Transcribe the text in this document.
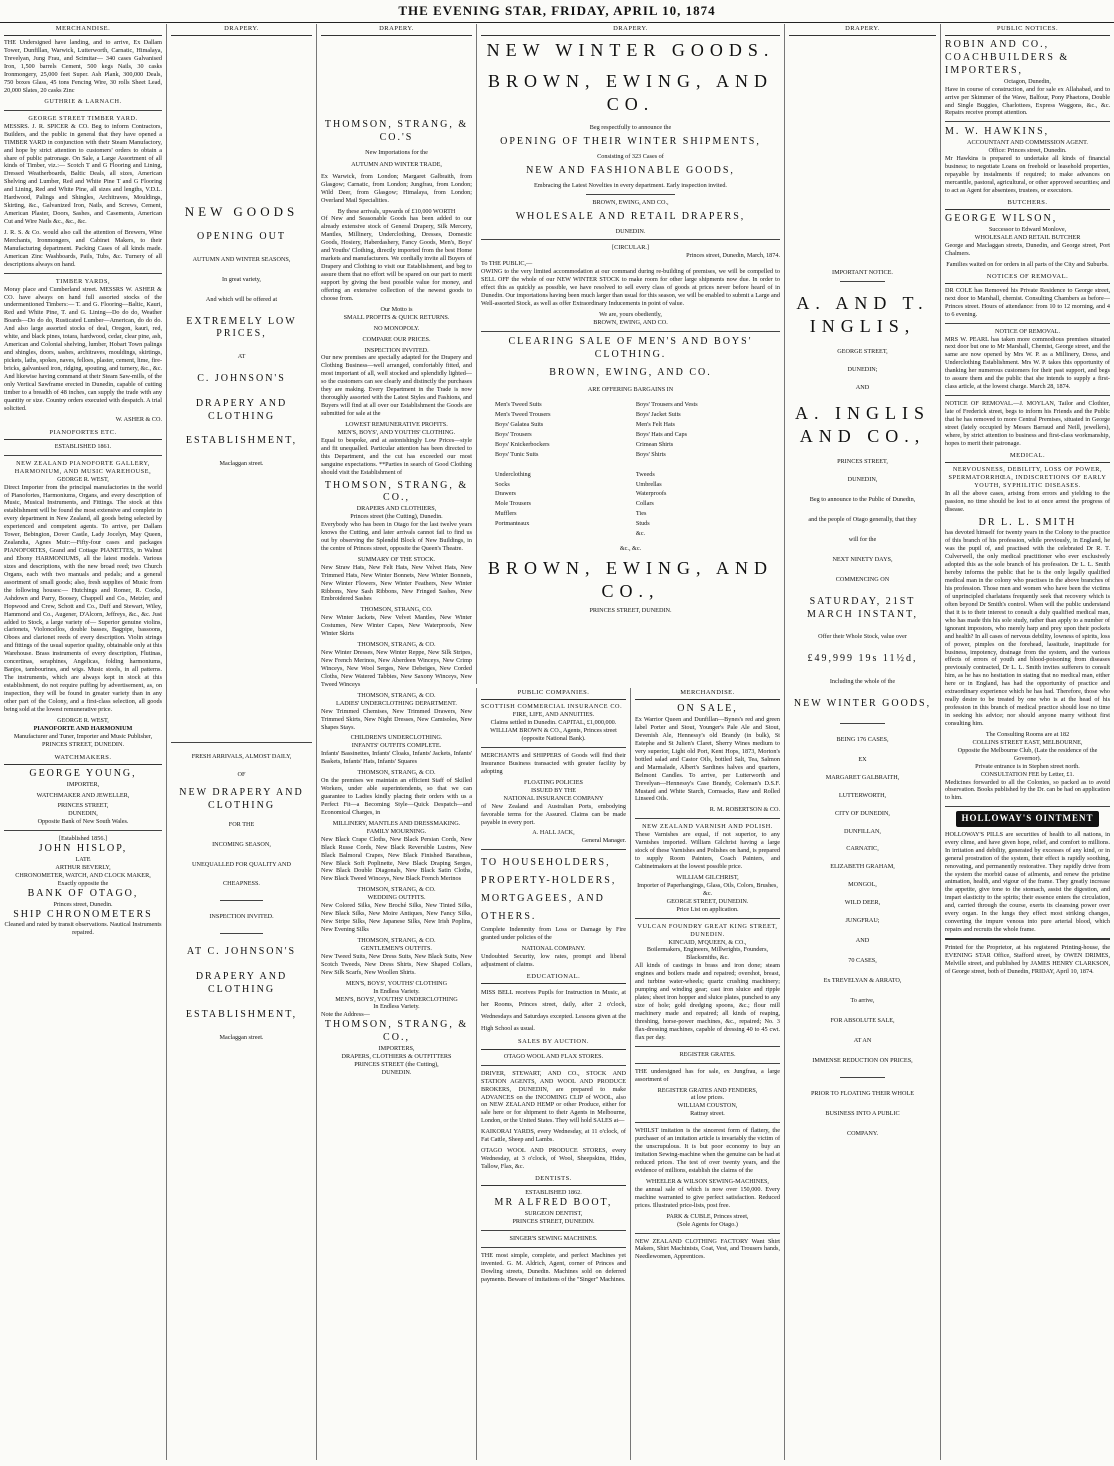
THE EVENING STAR, FRIDAY, APRIL 10, 1874
MERCHANDISE.

THE Undersigned have landing, and to arrive, Ex Dallam Tower, Dunfillan, Warwick, Lutterworth, Carnatic, Himalaya, Trevelyan, Jung Frau, and Scimitar— 340 cases Galvanised Iron, 1,500 barrels Cement, 500 kegs Nails, 30 casks Ironmongery, 25,000 feet Super. Ash Plank, 300,000 Deals, 750 boxes Glass, 45 tons Fencing Wire, 30 rolls Sheet Lead, 20,000 Slates, 20 casks Zinc

GUTHRIE & LARNACH.
GEORGE STREET TIMBER YARD.

MESSRS. J. R. SPICER & CO. Beg to inform Contractors, Builders, and the public in general that they have opened a TIMBER YARD in conjunction with their Steam Manufactory, and hope by strict attention to customers' orders to obtain a share of public patronage. On Sale, a Large Assortment of all kinds of Timber, viz.:— Scotch T and G Flooring and Lining, Dressed Weatherboards, Baltic Deals, all sizes, American Shelving and Lumber, Red and White Pine T and G Flooring and Lining, Red and White Pine, all sizes and lengths, V.D.L. Hardwood, Palings and Shingles, Architraves, Mouldings, Skirting, &c., Galvanized Iron, Nails, and Screws, Cement, American Plaster, Doors, Sashes, and Casements, American Cut and Wire Nails &c., &c., &c.

J. R. S. & Co. would also call the attention of Brewers, Wine Merchants, Ironmongers, and Cabinet Makers, to their Manufacturing department. Packing Cases of all kinds made. American Zinc Washboards, Pails, Tubs, &c. Turnery of all descriptions always on hand.

TIMBER YARDS,

Moray place and Cumberland street. MESSRS W. ASHER & CO. have always on hand full assorted stocks of the undermentioned Timbers:— T. and G. Flooring—Baltic, Kauri, Red and White Pine, T. and G. Lining—Do do do, Weather Boards—Do do do, Rusticated Lumber—American, do do do. And also large assorted stocks of deal, Oregon, kauri, red, white, and black pines, totara, hardwood, cedar, clear pine, ash, American and Colonial shelving, lumber, Hobart Town palings and shingles, doors, sashes, architraves, mouldings, skirtings, pickets, laths, spokes, naves, felloes, plaster, cement, lime, fire-bricks, galvanised iron, ridging, spouting, and turnery, &c., &c. And likewise having command at their Steam Saw-mills, of the only Vertical Sawframe erected in Dunedin, capable of cutting timber to a breadth of 48 inches, can supply the trade with any quantity or size. Country orders executed with despatch. A trial solicited.

W. ASHER & CO.
PIANOFORTES ETC.
ESTABLISHED 1861.
NEW ZEALAND PIANOFORTE GALLERY, HARMONIUM, AND MUSIC WAREHOUSE,
GEORGE R. WEST,

Direct Importer from the principal manufactories in the world of Pianofortes, Harmoniums, Organs, and every description of Music, Musical Instruments, and Fittings. The stock at this establishment will be found the most extensive and complete in every department in New Zealand, all goods being selected by experienced and competent agents. To arrive, per Dallam Tower, Bebington, Dover Castle, Lady Jocelyn, May Queen, Zealandia, Agnes Muir:—Fifty-four cases and packages PIANOFORTES, Grand and Cottage PIANETTES, in Walnut and Ebony HARMONIUMS, all the latest models. Various sizes and descriptions, with the new broad reed; two Church Organs, each with two manuals and pedals; and a general assortment of small goods; also, fresh supplies of Music from the following houses:— Hutchings and Romer, R. Cocks, Ashdown and Parry, Boosey, Chappell and Co., Metzler, and Hopwood and Crew, Schott and Co., Duff and Stewart, Wiley, Hammond and Co., Augener, D'Alcorn, Jeffreys, &c., &c. Just added to Stock, a large variety of— Superior genuine violins, clarionets, Violoncellos, double basses, Bagpipe, bassoons, Oboes and clarionet reeds of every description. Violin strings and fittings of the usual superior quality, obtainable only at this Warehouse. Brass instruments of every description, Flutinas, concertinas, seraphines, Angelicas, folding harmoniums, Banjos, tambourines, and wigs. Music stools, in all patterns. The instruments, which are always kept in stock at this establishment, do not require puffing by advertisement, as, on inspection, they will be found in greater variety than in any other part of the Colony, and a first-class selection, all goods being sold at the lowest remunerative price.

GEORGE R. WEST,
PIANOFORTE AND HARMONIUM
Manufacturer and Tuner, Importer and Music Publisher, PRINCES STREET, DUNEDIN.
WATCHMAKERS.
GEORGE YOUNG,
IMPORTER,
WATCHMAKER AND JEWELLER,
PRINCES STREET,
DUNEDIN,
Opposite Bank of New South Wales.
[Established 1856.]
JOHN HISLOP,
LATE
ARTHUR BEVERLY,
CHRONOMETER, WATCH, AND CLOCK MAKER,
Exactly opposite the
BANK OF OTAGO,
Princes street, Dunedin.
SHIP CHRONOMETERS
Cleaned and rated by transit observations. Nautical Instruments repaired.
DRAPERY.
NEW GOODS
OPENING OUT
AUTUMN AND WINTER SEASONS,
In great variety,
And which will be offered at
EXTREMELY LOW PRICES,
AT
C. JOHNSON'S
DRAPERY AND CLOTHING
ESTABLISHMENT,
Maclaggan street.
FRESH ARRIVALS, ALMOST DAILY,
OF
NEW DRAPERY AND CLOTHING
FOR THE
INCOMING SEASON,
UNEQUALLED FOR QUALITY AND
CHEAPNESS.
INSPECTION INVITED.
AT C. JOHNSON'S
DRAPERY AND CLOTHING
ESTABLISHMENT,
Maclaggan street.
DRAPERY.
THOMSON, STRANG, & CO.'S
New Importations for the
AUTUMN AND WINTER TRADE,

Ex Warwick, from London; Margaret Galbraith, from Glasgow; Carnatic, from London; Jungfrau, from London; Wild Deer, from Glasgow; Himalaya, from London; Overland Mail Specialities.

By these arrivals, upwards of £10,000 WORTH

Of New and Seasonable Goods has been added to our already extensive stock of General Drapery, Silk Mercery, Mantles, Millinery, Underclothing, Dresses, Domestic Goods, Hosiery, Haberdashery, Fancy Goods, Men's, Boys' and Youths' Clothing, directly imported from the best Home markets and manufacturers. We cordially invite all Buyers of Drapery and Clothing to visit our Establishment, and beg to assure them that no effort will be spared on our part to merit support by giving the best possible value for money, and offering an extensive collection of the newest goods to choose from.

Our Motto is
SMALL PROFITS & QUICK RETURNS.
NO MONOPOLY.
COMPARE OUR PRICES.
INSPECTION INVITED.

Our new premises are specially adapted for the Drapery and Clothing Business—well arranged, comfortably fitted, and most important of all, well stocked and splendidly lighted—so the customers can see clearly and distinctly the purchases they are making. Every Department in the Trade is now thoroughly assorted with the Latest Styles and Fashions, and Buyers will find at all over our Establishment the Goods are submitted for sale at the

LOWEST REMUNERATIVE PROFITS.
MEN'S, BOYS', AND YOUTHS' CLOTHING.

Equal to bespoke, and at astonishingly Low Prices—style and fit unequalled. Particular attention has been directed to this Department, and the cut has exceeded our most sanguine expectations. **Parties in search of Good Clothing should visit the Establishment of

THOMSON, STRANG, & CO.,
DRAPERS AND CLOTHIERS,
Princes street (the Cutting), Dunedin.

Everybody who has been in Otago for the last twelve years knows the Cutting, and later arrivals cannot fail to find us out by observing the Splendid Block of New Buildings, in the centre of Princes street, opposite the Queen's Theatre.

SUMMARY OF THE STOCK.

New Straw Hats, New Felt Hats, New Velvet Hats, New Trimmed Hats, New Winter Bonnets, New Winter Bonnets, New Winter Flowers, New Winter Feathers, New Winter Ribbons, New Sash Ribbons, New Fringed Sashes, New Embroidered Sashes

THOMSON, STRANG, CO.

New Winter Jackets, New Velvet Mantles, New Winter Costumes, New Winter Capes, New Waterproofs, New Winter Skirts

THOMSON, STRANG, & CO.

New Winter Dresses, New Winter Reppe, New Silk Stripes, New French Merinos, New Aberdeen Winceys, New Crimp Winceys, New Wool Serges, New Debeiges, New Corded Cloths, New Watered Tabbies, New Saxony Winceys, New Tweed Winceys

THOMSON, STRANG, & CO.
LADIES' UNDERCLOTHING DEPARTMENT.

New Trimmed Chemises, New Trimmed Drawers, New Trimmed Skirts, New Night Dresses, New Camisoles, New Shapes Stays.

CHILDREN'S UNDERCLOTHING.
INFANTS' OUTFITS COMPLETE.

Infants' Bassinettes, Infants' Cloaks, Infants' Jackets, Infants' Baskets, Infants' Hats, Infants' Squares

THOMSON, STRANG, & CO.

On the premises we maintain an efficient Staff of Skilled Workers, under able superintendents, so that we can guarantee to Ladies kindly placing their orders with us a Perfect Fit—a Becoming Style—Quick Despatch—and Economical Charges, in

MILLINERY, MANTLES AND DRESSMAKING.
FAMILY MOURNING.

New Black Crape Cloths, New Black Persian Cords, New Black Russe Cords, New Black Reversible Lustres, New Black Balmoral Crapes, New Black Finished Baratheas, New Black Soft Poplinette, New Black Draping Serges, New Black Double Diagonals, New Black Satin Cloths, New Black Tweed Winceys, New Black French Merinos

THOMSON, STRANG, & CO.
WEDDING OUTFITS.

New Colored Silks, New Broché Silks, New Tinted Silks, New Black Silks, New Moire Antiques, New Fancy Silks, New Stripe Silks, New Japanese Silks, New Irish Poplins, New Evening Silks

THOMSON, STRANG, & CO.
GENTLEMEN'S OUTFITS.

New Tweed Suits, New Dress Suits, New Black Suits, New Scotch Tweeds, New Dress Shirts, New Shaped Collars, New Silk Scarfs, New Woollen Shirts.

MEN'S, BOYS', YOUTHS' CLOTHING
In Endless Variety.
MEN'S, BOYS', YOUTHS' UNDERCLOTHING
In Endless Variety.
Note the Address—
THOMSON, STRANG, & CO.,
IMPORTERS,
DRAPERS, CLOTHIERS & OUTFITTERS
PRINCES STREET (the Cutting),
DUNEDIN.
DRAPERY.
NEW WINTER GOODS.
BROWN, EWING, AND CO.
Beg respectfully to announce the
OPENING OF THEIR WINTER SHIPMENTS,
Consisting of 323 Cases of
NEW AND FASHIONABLE GOODS,
Embracing the Latest Novelties in every department. Early inspection invited.
BROWN, EWING, AND CO.,
WHOLESALE AND RETAIL DRAPERS,
DUNEDIN.
[CIRCULAR.]
Princes street, Dunedin, March, 1874.
To THE PUBLIC,—

OWING to the very limited accommodation at our command during re-building of premises, we will be compelled to SELL OFF the whole of our NEW WINTER STOCK to make room for other large shipments now due. In order to effect this as quickly as possible, we have resolved to sell every class of goods at prices never before heard of in Dunedin. Our importations having been much larger than usual for this season, we will be enabled to submit a Large and Well-assorted Stock, as well as offer Extraordinary Inducements in point of value.

We are, yours obediently,
BROWN, EWING, AND CO.
CLEARING SALE OF MEN'S AND BOYS' CLOTHING.
BROWN, EWING, AND CO.
ARE OFFERING BARGAINS IN
Men's Tweed Suits
Men's Tweed Trousers
Boys' Galatea Suits
Boys' Trousers
Boys' Knickerbockers
Boys' Tunic Suits

Underclothing
Socks
Drawers
Mole Trousers
Mufflers
Portmanteaux
Boys' Trousers and Vests
Boys' Jacket Suits
Men's Felt Hats
Boys' Hats and Caps
Crimean Shirts
Boys' Shirts

Tweeds
Umbrellas
Waterproofs
Collars
Ties
Studs
&c.
&c., &c.
BROWN, EWING, AND CO.,
PRINCES STREET, DUNEDIN.
PUBLIC COMPANIES.
SCOTTISH COMMERCIAL INSURANCE CO.
FIRE, LIFE, AND ANNUITIES.
Claims settled in Dunedin. CAPITAL, £1,000,000.
WILLIAM BROWN & CO., Agents, Princes street (opposite National Bank).

MERCHANTS and SHIPPERS of Goods will find their Insurance Business transacted with greater facility by adopting

FLOATING POLICIES
ISSUED BY THE
NATIONAL INSURANCE COMPANY

of New Zealand and Australian Ports, embodying favorable terms for the Assured. Claims can be made payable in every port.

A. HALL JACK,
General Manager.
TO HOUSEHOLDERS, PROPERTY-HOLDERS, MORTGAGEES, AND OTHERS.

Complete Indemnity from Loss or Damage by Fire granted under policies of the

NATIONAL COMPANY.

Undoubted Security, low rates, prompt and liberal adjustment of claims.

EDUCATIONAL.

MISS BELL receives Pupils for Instruction in Music, at her Rooms, Princes street, daily, after 2 o'clock, Wednesdays and Saturdays excepted. Lessons given at the High School as usual.

SALES BY AUCTION.
OTAGO WOOL AND FLAX STORES.

DRIVER, STEWART, AND CO., STOCK AND STATION AGENTS, AND WOOL AND PRODUCE BROKERS, DUNEDIN, are prepared to make ADVANCES on the INCOMING CLIP of WOOL, also on NEW ZEALAND HEMP or other Produce, either for sale here or for shipment to their Agents in Melbourne, London, or the United States. They will hold SALES at—

KAIKORAI YARDS, every Wednesday, at 11 o'clock, of Fat Cattle, Sheep and Lambs.

OTAGO WOOL AND PRODUCE STORES, every Wednesday, at 3 o'clock, of Wool, Sheepskins, Hides, Tallow, Flax, &c.

DENTISTS.
ESTABLISHED 1862.
MR ALFRED BOOT,
SURGEON DENTIST,
PRINCES STREET, DUNEDIN.
SINGER'S SEWING MACHINES.

THE most simple, complete, and perfect Machines yet invented. G. M. Aldrich, Agent, corner of Princes and Dowling streets, Dunedin. Machines sold on deferred payments. Beware of imitations of the "Singer" Machines.

MERCHANDISE.
ON SALE,

Ex Warrior Queen and Dunfillan—Bynes's red and green label Porter and Stout, Younger's Pale Ale and Stout, Devenish Ale, Hennessy's old Brandy (in bulk), St Estephe and St Julien's Claret, Sherry Wines medium to very superior, Light old Port, Kent Hops, 1873, Morton's bottled salad and Castor Oils, bottled Salt, Tea, Salmon and Marmalade, Albert's Sardines halves and quarters, Belmont Candles. To arrive, per Lutterworth and Trevelyan—Hennessy's Case Brandy, Coleman's D.S.F. Mustard and White Starch, Cornsacks, Raw and Rolled Linseed Oils.

R. M. ROBERTSON & CO.
NEW ZEALAND VARNISH AND POLISH.

These Varnishes are equal, if not superior, to any Varnishes imported. William Gilchrist having a large stock of these Varnishes and Polishes on hand, is prepared to supply Room Painters, Coach Painters, and Cabinetmakers at the lowest possible price.

WILLIAM GILCHRIST,
Importer of Paperhangings, Glass, Oils, Colors, Brushes, &c.
GEORGE STREET, DUNEDIN.
Price List on application.
VULCAN FOUNDRY GREAT KING STREET, DUNEDIN.
KINCAID, M'QUEEN, & CO.,
Boilermakers, Engineers, Millwrights, Founders, Blacksmiths, &c.

All kinds of castings in brass and iron done; steam engines and boilers made and repaired; overshot, breast, and turbine water-wheels; quartz crushing machinery; pumping and winding gear; cast iron sluice and ripple plates; sheet iron hopper and sluice plates, punched to any size of hole; gold dredging spoons, &c.; flour mill machinery made and repaired; all kinds of reaping, threshing, horse-power machines, &c., repaired; No. 3 flax-dressing machines, capable of dressing 40 to 45 cwt. flax per day.

REGISTER GRATES.

THE undersigned has for sale, ex Jungfrau, a large assortment of

REGISTER GRATES AND FENDERS,
at low prices.
WILLIAM COUSTON,
Rattray street.

WHILST imitation is the sincerest form of flattery, the purchaser of an imitation article is invariably the victim of the unscrupulous. It is but poor economy to buy an imitation Sewing-machine when the genuine can be had at reduced prices. The test of over twenty years, and the evidence of millions, establish the claims of the

WHEELER & WILSON SEWING-MACHINES,

the annual sale of which is now over 150,000. Every machine warranted to give perfect satisfaction. Reduced prices. Illustrated price-lists, post free.

PARK & CUBLE, Princes street,
(Sole Agents for Otago.)

NEW ZEALAND CLOTHING FACTORY Want Shirt Makers, Shirt Machinists, Coat, Vest, and Trousers hands, Needlewomen, Apprentices.

DRAPERY.
IMPORTANT NOTICE.
A. AND T. INGLIS,
GEORGE STREET,
DUNEDIN;
AND
A. INGLIS AND CO.,
PRINCES STREET,
DUNEDIN,
Beg to announce to the Public of Dunedin,
and the people of Otago generally, that they
will for the
NEXT NINETY DAYS,
COMMENCING ON
SATURDAY, 21ST MARCH INSTANT,
Offer their Whole Stock, value over
£49,999 19s 11½d,
Including the whole of the
NEW WINTER GOODS,
BEING 176 CASES,
EX
MARGARET GALBRAITH,
LUTTERWORTH,
CITY OF DUNEDIN,
DUNFILLAN,
CARNATIC,
ELIZABETH GRAHAM,
MONGOL,
WILD DEER,
JUNGFRAU;
AND
70 CASES,
Ex TREVELYAN & ARRATO,
To arrive,
FOR ABSOLUTE SALE,
AT AN
IMMENSE REDUCTION ON PRICES,
PRIOR TO FLOATING THEIR WHOLE
BUSINESS INTO A PUBLIC
COMPANY.
PUBLIC NOTICES.
ROBIN AND CO., COACHBUILDERS & IMPORTERS,
Octagon, Dunedin,

Have in course of construction, and for sale ex Allahabad, and to arrive per Skimmer of the Wave, Balfour, Pony Phaetons, Double and Single Buggies, Charlottees, Express Waggons, &c., &c. Repairs receive prompt attention.

M. W. HAWKINS,
ACCOUNTANT AND COMMISSION AGENT.
Office: Princes street, Dunedin.

Mr Hawkins is prepared to undertake all kinds of financial business; to negotiate Loans on freehold or leasehold properties, repayable by instalments if required; to make advances on mercantile, pastoral, agricultural, or other approved securities; and to act as Agent for absentees, trustees, or executors.

BUTCHERS.
GEORGE WILSON,
Successor to Edward Monlove,
WHOLESALE AND RETAIL BUTCHER

George and Maclaggan streets, Dunedin, and George street, Port Chalmers.

Families waited on for orders in all parts of the City and Suburbs.

NOTICES OF REMOVAL.

DR COLE has Removed his Private Residence to George street, next door to Marshall, chemist. Consulting Chambers as before—Princes street. Hours of attendance: from 10 to 12 morning, and 4 to 6 evening.

NOTICE OF REMOVAL.

MRS W. PEARL has taken more commodious premises situated next door but one to Mr Marshall, Chemist, George street, and the same are now opened by Mrs W. P. as a Millinery, Dress, and Underclothing Establishment. Mrs W. P. takes this opportunity of thanking her numerous customers for their past support, and begs to assure them and the public that she intends to supply a first-class article, at the lowest charge. March 28, 1874.

NOTICE OF REMOVAL.—J. MOYLAN, Tailor and Clothier, late of Frederick street, begs to inform his Friends and the Public that he has removed to more Central Premises, situated in George street (lately occupied by Messrs Barraud and Neill, jewellers), where, by strict attention to business and first-class workmanship, hopes to merit their patronage.

MEDICAL.
NERVOUSNESS, DEBILITY, LOSS OF POWER, SPERMATORRHŒA, INDISCRETIONS OF EARLY YOUTH, SYPHILITIC DISEASES.

In all the above cases, arising from errors and yielding to the passion, no time should be lost to at once arrest the progress of disease.

DR L. L. SMITH

has devoted himself for twenty years in the Colony to the practice of this branch of his profession, while previously, in England, he was the pupil of, and practised with the celebrated Dr R. T. Culverwell, the only medical practitioner who ever exclusively adopted this as the sole branch of his profession. Dr L. L. Smith hereby informs the public that he is the only legally qualified medical man in the colony who practises in the above branches of his profession. Those men and women who have been the victims of unprincipled charlatans frequently seek that recovery which is often beyond Dr Smith's control. When will the public understand that it is to their interest to consult a duly qualified medical man, who has made this his sole study, rather than apply to a number of ignorant impostors, who merely harp and prey upon their pockets and health? In all cases of nervous debility, lowness of spirits, loss of power, pimples on the forehead, lassitude, inaptitude for business, impotency, drainage from the system, and the various effects of errors of youth and blood-poisoning from diseases previously contracted, Dr L. L. Smith invites sufferers to consult him, as he has no hesitation in stating that no medical man, either here or in England, has had the opportunity of practice and extraordinary experience which he has had. Therefore, those who really desire to be treated by one who is at the head of his profession in this branch of medical practice should lose no time in seeking his advice; nor should anyone marry without first consulting him.

The Consulting Rooms are at 182
COLLINS STREET EAST, MELBOURNE,
Opposite the Melbourne Club, (Late the residence of the Governor).
Private entrance is in Stephen street north.
CONSULTATION FEE by Letter, £1.

Medicines forwarded to all the Colonies, so packed as to avoid observation. Books published by the Dr. can be had on application to him.

HOLLOWAY'S OINTMENT

HOLLOWAY'S PILLS are securities of health to all nations, in every clime, and have given hope, relief, and comfort to millions. In irritation and debility, generated by excesses of any kind, or in general prostration of the system, their effect is rapidly soothing, renovating, and permanently restorative. They rapidly drive from the system the morbid cause of ailments, and renew the pristine animation, health, and vigour of the frame. They greatly increase the appetite, give tone to the stomach, assist the digestion, and impart elasticity to the spirits; their essence enters the circulation, and, carried through the course, exerts its cleansing power over every organ. In the lungs they effect most striking changes, converting the impure venous into pure arterial blood, which repairs and recruits the whole frame.

Printed for the Proprietor, at his registered Printing-house, the EVENING STAR Office, Stafford street, by OWEN DRIMES, Melville street, and published by JAMES HENRY CLARKSON, of George street, both of Dunedin, FRIDAY, April 10, 1874.
